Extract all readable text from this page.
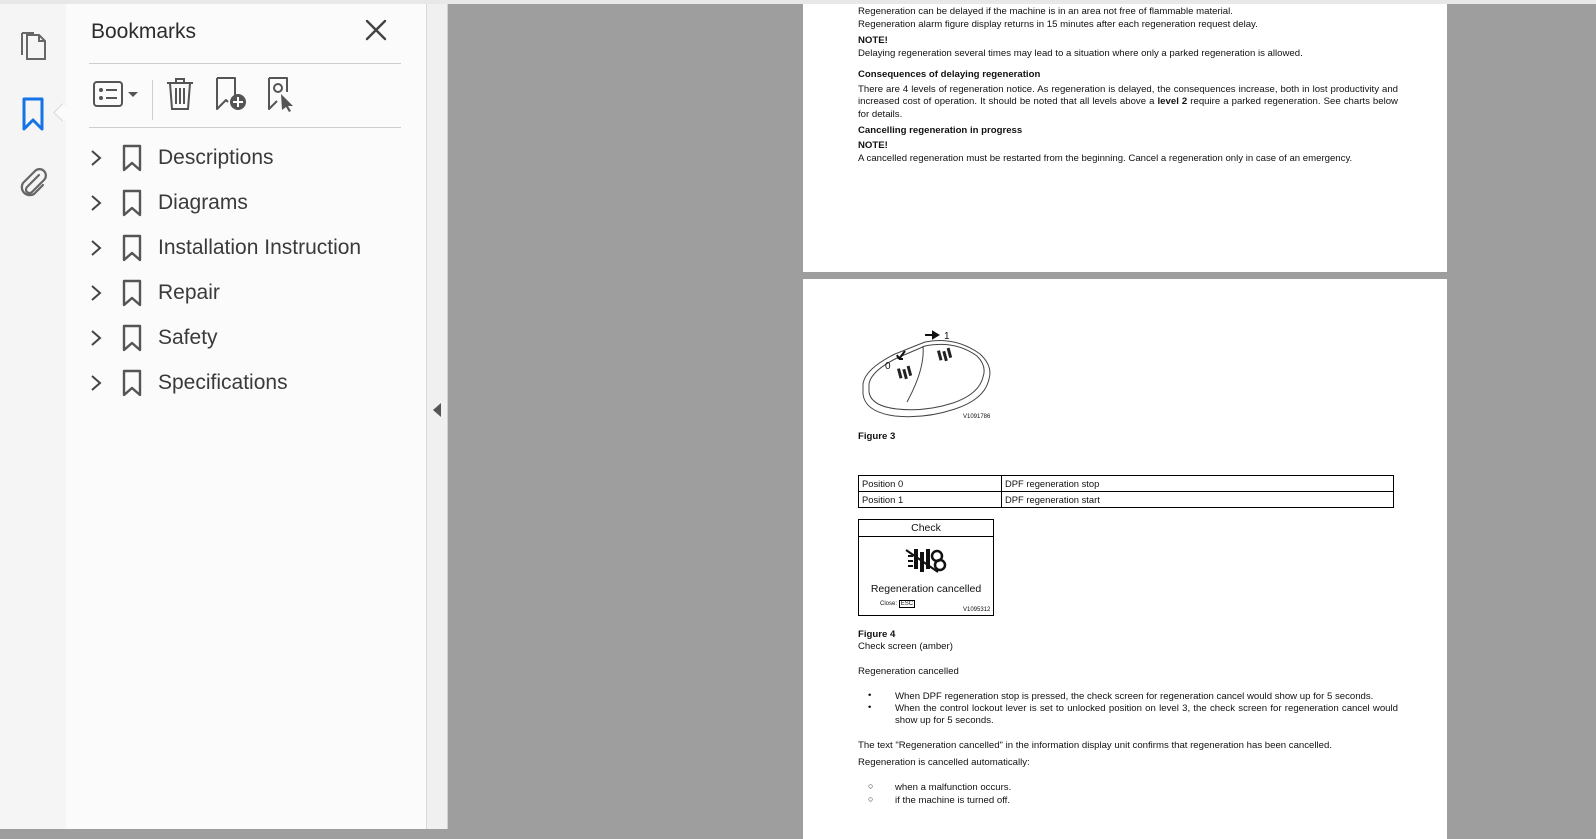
Bookmarks
Descriptions
Diagrams
Installation Instruction
Repair
Safety
Specifications
Regeneration can be delayed if the machine is in an area not free of flammable material.
Regeneration alarm figure display returns in 15 minutes after each regeneration request delay.
NOTE!
Delaying regeneration several times may lead to a situation where only a parked regeneration is allowed.
Consequences of delaying regeneration
There are 4 levels of regeneration notice. As regeneration is delayed, the consequences increase, both in lost productivity and increased cost of operation. It should be noted that all levels above a level 2 require a parked regeneration. See charts below for details.
Cancelling regeneration in progress
NOTE!
A cancelled regeneration must be restarted from the beginning. Cancel a regeneration only in case of an emergency.
0
1
V1091786
Figure 3
Position 0	DPF regeneration stop
Position 1	DPF regeneration start
Check
Regeneration cancelled
Close: ESC
V1095312
Figure 4
Check screen (amber)
Regeneration cancelled
• When DPF regeneration stop is pressed, the check screen for regeneration cancel would show up for 5 seconds.
• When the control lockout lever is set to unlocked position on level 3, the check screen for regeneration cancel would show up for 5 seconds.
The text "Regeneration cancelled" in the information display unit confirms that regeneration has been cancelled.
Regeneration is cancelled automatically:
○ when a malfunction occurs.
○ if the machine is turned off.
